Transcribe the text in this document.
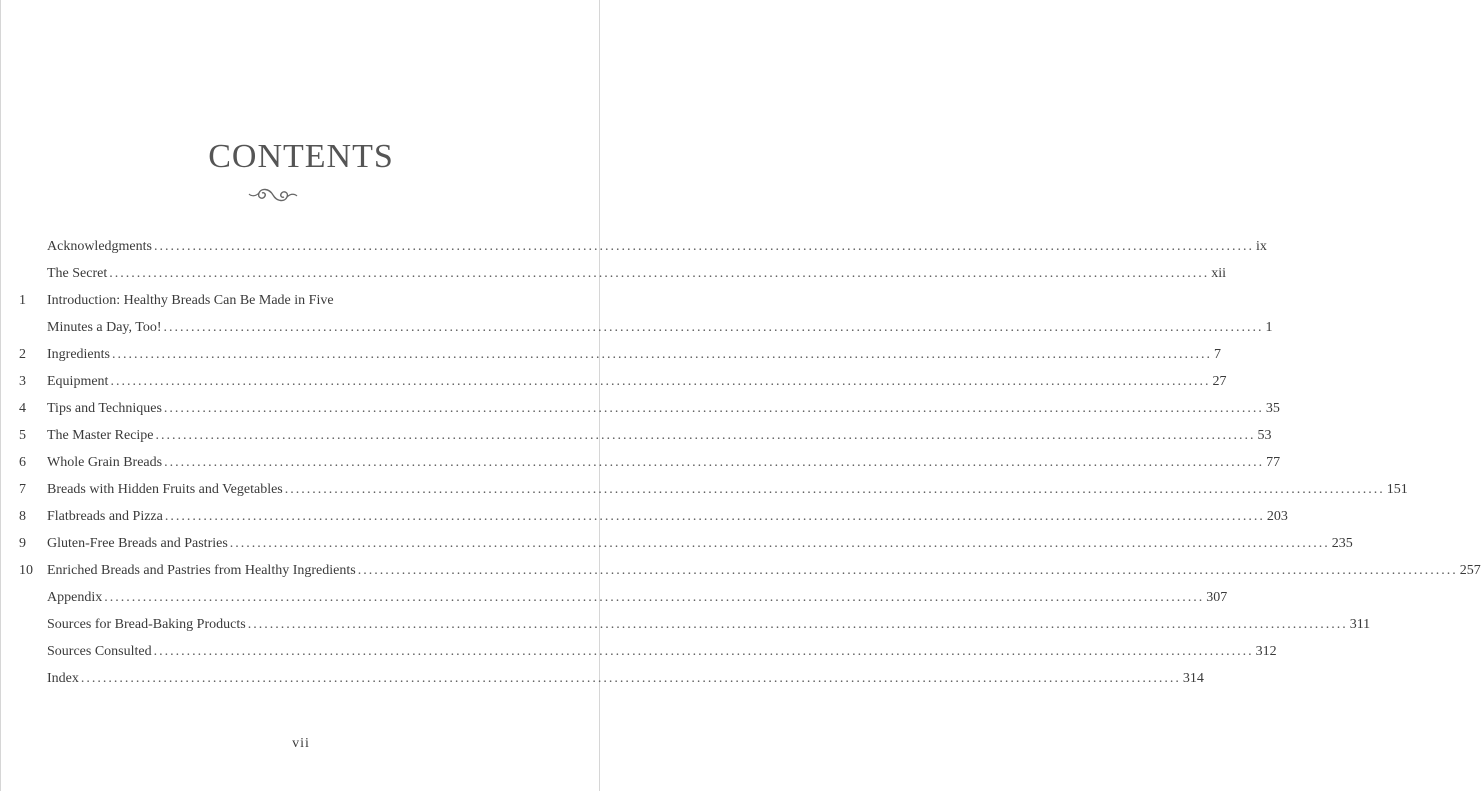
CONTENTS
Acknowledgments ........................................................................................................................................................................................................ ix
The Secret ........................................................................................................................................................................................................ xii
1	Introduction: Healthy Breads Can Be Made in Five
Minutes a Day, Too! ........................................................................................................................................................................................................ 1
2	Ingredients ........................................................................................................................................................................................................ 7
3	Equipment ........................................................................................................................................................................................................ 27
4	Tips and Techniques ........................................................................................................................................................................................................ 35
5	The Master Recipe ........................................................................................................................................................................................................ 53
6	Whole Grain Breads ........................................................................................................................................................................................................ 77
7	Breads with Hidden Fruits and Vegetables ........................................................................................................................................................................................................ 151
8	Flatbreads and Pizza ........................................................................................................................................................................................................ 203
9	Gluten-Free Breads and Pastries ........................................................................................................................................................................................................ 235
10	Enriched Breads and Pastries from Healthy Ingredients ........................................................................................................................................................................................................ 257
Appendix ........................................................................................................................................................................................................ 307
Sources for Bread-Baking Products ........................................................................................................................................................................................................ 311
Sources Consulted ........................................................................................................................................................................................................ 312
Index ........................................................................................................................................................................................................ 314
vii
